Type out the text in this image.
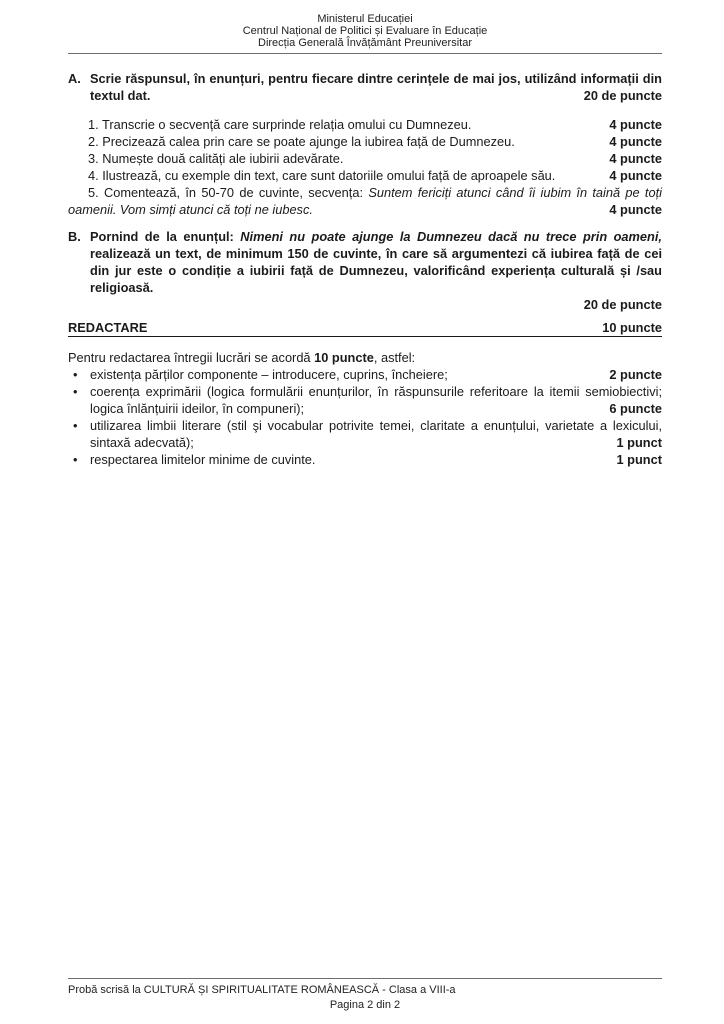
Ministerul Educației
Centrul Național de Politici și Evaluare în Educație
Direcția Generală Învățământ Preuniversitar
A. Scrie răspunsul, în enunțuri, pentru fiecare dintre cerințele de mai jos, utilizând informații din textul dat.	20 de puncte
1. Transcrie o secvență care surprinde relația omului cu Dumnezeu.	4 puncte
2. Precizează calea prin care se poate ajunge la iubirea față de Dumnezeu.	4 puncte
3. Numește două calități ale iubirii adevărate.	4 puncte
4. Ilustrează, cu exemple din text, care sunt datoriile omului față de aproapele său.	4 puncte
5. Comentează, în 50-70 de cuvinte, secvența: Suntem fericiți atunci când îi iubim în taină pe toți oamenii. Vom simți atunci că toți ne iubesc.	4 puncte
B. Pornind de la enunțul: Nimeni nu poate ajunge la Dumnezeu dacă nu trece prin oameni, realizează un text, de minimum 150 de cuvinte, în care să argumentezi că iubirea față de cei din jur este o condiție a iubirii față de Dumnezeu, valorificând experiența culturală și /sau religioasă.
20 de puncte
REDACTARE	10 puncte
Pentru redactarea întregii lucrări se acordă 10 puncte, astfel:
• existența părților componente – introducere, cuprins, încheiere;	2 puncte
• coerența exprimării (logica formulării enunțurilor, în răspunsurile referitoare la itemii semiobiectivi; logica înlănțuirii ideilor, în compuneri);	6 puncte
• utilizarea limbii literare (stil şi vocabular potrivite temei, claritate a enunțului, varietate a lexicului, sintaxă adecvată);	1 punct
• respectarea limitelor minime de cuvinte.	1 punct
Probă scrisă la CULTURĂ ȘI SPIRITUALITATE ROMÂNEASCĂ - Clasa a VIII-a
Pagina 2 din 2
